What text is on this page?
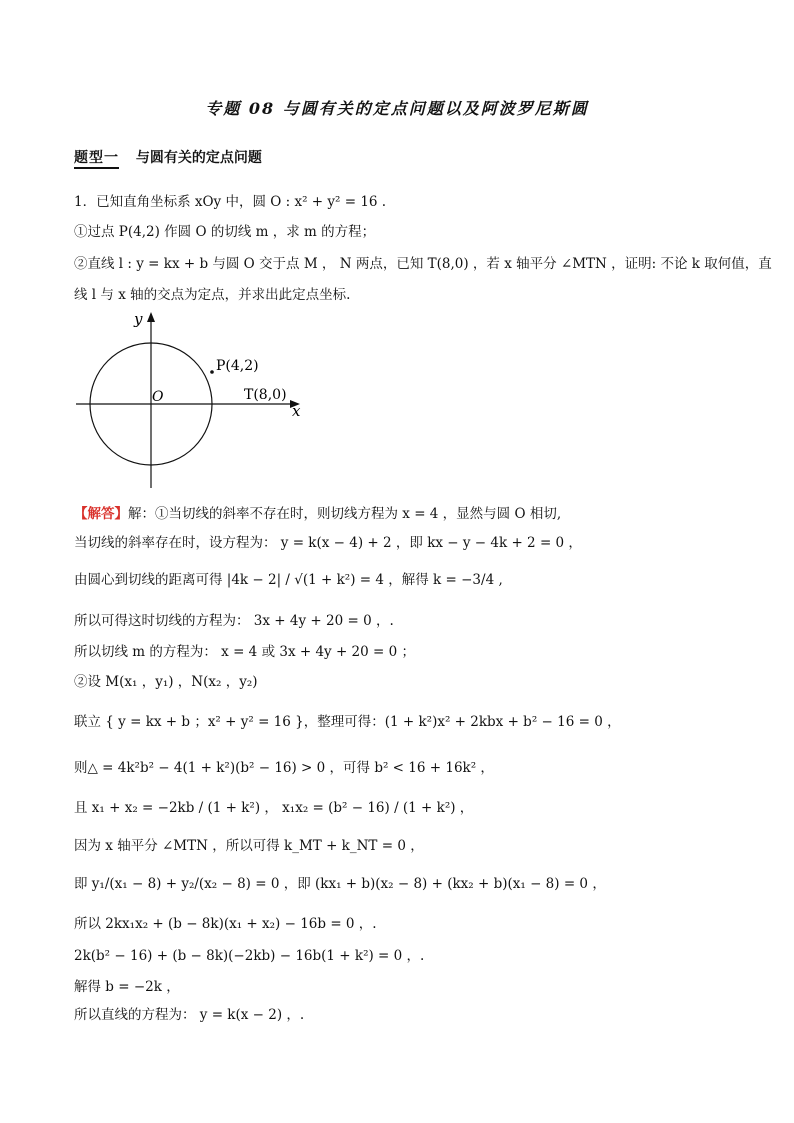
专题 08 与圆有关的定点问题以及阿波罗尼斯圆
题型一 与圆有关的定点问题
1．已知直角坐标系 xOy 中，圆 O : x² + y² = 16 .
①过点 P(4,2) 作圆 O 的切线 m ，求 m 的方程；
②直线 l : y = kx + b 与圆 O 交于点 M ， N 两点，已知 T(8,0) ，若 x 轴平分 ∠MTN ，证明: 不论 k 取何值，直
线 l 与 x 轴的交点为定点，并求出此定点坐标.
y
x
O
P(4,2)
T(8,0)
【解答】解：①当切线的斜率不存在时，则切线方程为 x = 4 ，显然与圆 O 相切,
当切线的斜率存在时，设方程为： y = k(x − 4) + 2 ，即 kx − y − 4k + 2 = 0 ，
由圆心到切线的距离可得 |4k − 2| / √(1 + k²) = 4 ，解得 k = −3/4 ,
所以可得这时切线的方程为： 3x + 4y + 20 = 0 ，.
所以切线 m 的方程为： x = 4 或 3x + 4y + 20 = 0 ；
②设 M(x₁ ，y₁) ，N(x₂ ，y₂)
联立 { y = kx + b ；x² + y² = 16 }，整理可得：(1 + k²)x² + 2kbx + b² − 16 = 0 ，
则△ = 4k²b² − 4(1 + k²)(b² − 16) > 0 ，可得 b² < 16 + 16k² ，
且 x₁ + x₂ = −2kb / (1 + k²) ， x₁x₂ = (b² − 16) / (1 + k²) ，
因为 x 轴平分 ∠MTN ，所以可得 k_MT + k_NT = 0 ，
即 y₁/(x₁ − 8) + y₂/(x₂ − 8) = 0 ，即 (kx₁ + b)(x₂ − 8) + (kx₂ + b)(x₁ − 8) = 0 ，
所以 2kx₁x₂ + (b − 8k)(x₁ + x₂) − 16b = 0 ，.
2k(b² − 16) + (b − 8k)(−2kb) − 16b(1 + k²) = 0 ，.
解得 b = −2k ，
所以直线的方程为： y = k(x − 2) ，.
